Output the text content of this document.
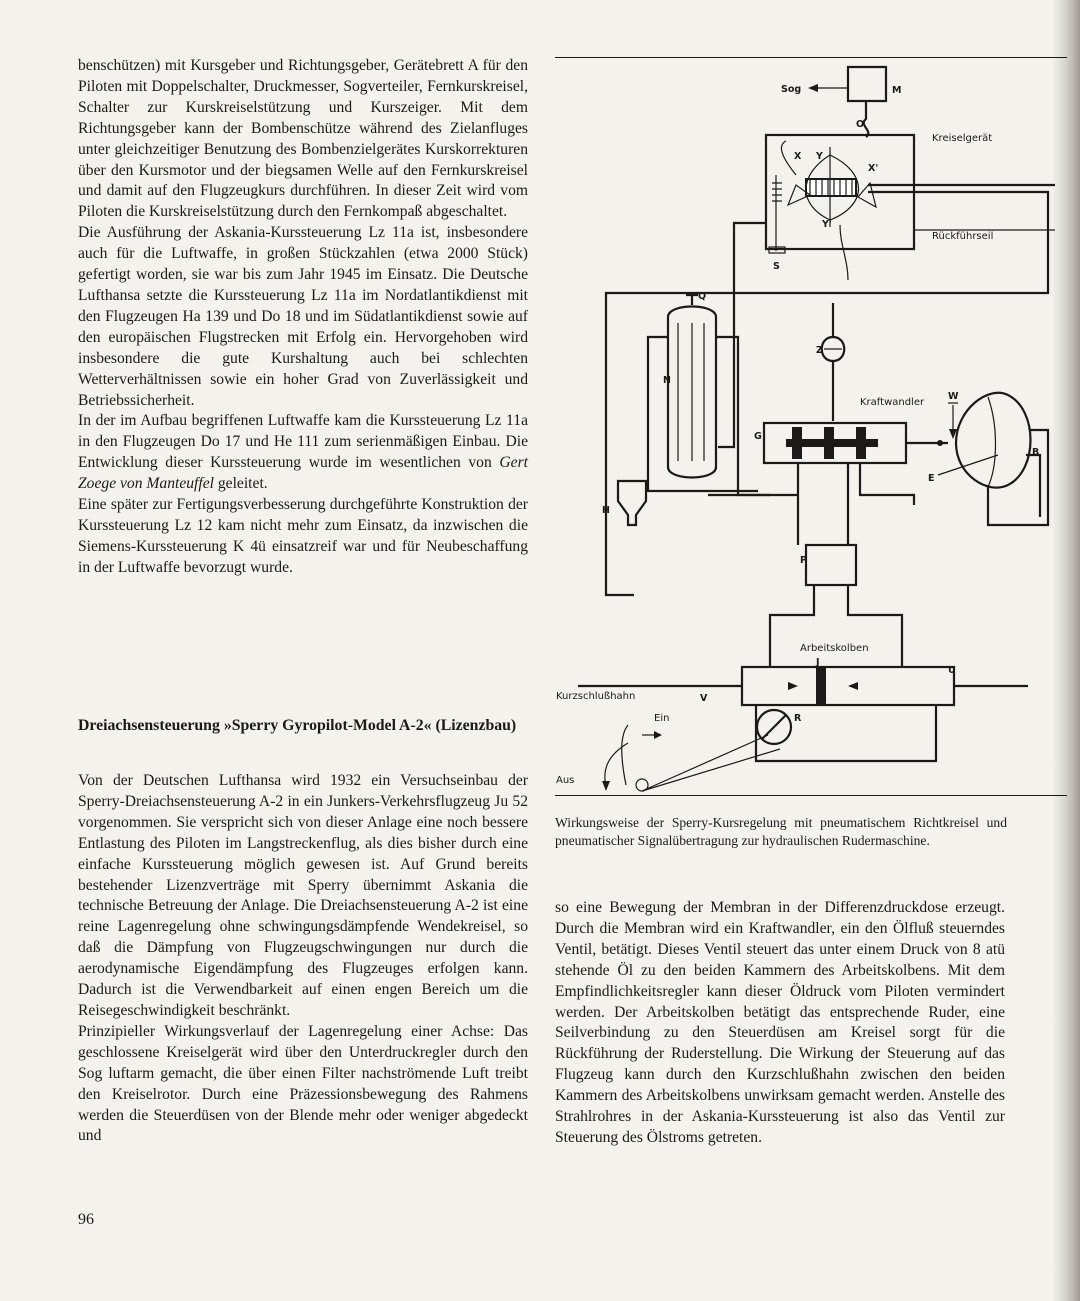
benschützen) mit Kursgeber und Richtungsgeber, Gerätebrett A für den Piloten mit Doppelschalter, Druckmesser, Sogverteiler, Fernkurskreisel, Schalter zur Kurskreiselstützung und Kurszeiger. Mit dem Richtungsgeber kann der Bombenschütze während des Zielanfluges unter gleichzeitiger Benutzung des Bombenzielgerätes Kurskorrekturen über den Kursmotor und der biegsamen Welle auf den Fernkurskreisel und damit auf den Flugzeugkurs durchführen. In dieser Zeit wird vom Piloten die Kurskreiselstützung durch den Fernkompaß abgeschaltet.

Die Ausführung der Askania-Kurssteuerung Lz 11a ist, insbesondere auch für die Luftwaffe, in großen Stückzahlen (etwa 2000 Stück) gefertigt worden, sie war bis zum Jahr 1945 im Einsatz. Die Deutsche Lufthansa setzte die Kurssteuerung Lz 11a im Nordatlantikdienst mit den Flugzeugen Ha 139 und Do 18 und im Südatlantikdienst sowie auf den europäischen Flugstrecken mit Erfolg ein. Hervorgehoben wird insbesondere die gute Kurshaltung auch bei schlechten Wetterverhältnissen sowie ein hoher Grad von Zuverlässigkeit und Betriebssicherheit.

In der im Aufbau begriffenen Luftwaffe kam die Kurssteuerung Lz 11a in den Flugzeugen Do 17 und He 111 zum serienmäßigen Einbau. Die Entwicklung dieser Kurssteuerung wurde im wesentlichen von Gert Zoege von Manteuffel geleitet.

Eine später zur Fertigungsverbesserung durchgeführte Konstruktion der Kurssteuerung Lz 12 kam nicht mehr zum Einsatz, da inzwischen die Siemens-Kurssteuerung K 4ü einsatzreif war und für Neubeschaffung in der Luftwaffe bevorzugt wurde.

Dreiachsensteuerung »Sperry Gyropilot-Model A-2« (Lizenzbau)

Von der Deutschen Lufthansa wird 1932 ein Versuchseinbau der Sperry-Dreiachsensteuerung A-2 in ein Junkers-Verkehrsflugzeug Ju 52 vorgenommen. Sie verspricht sich von dieser Anlage eine noch bessere Entlastung des Piloten im Langstreckenflug, als dies bisher durch eine einfache Kurssteuerung möglich gewesen ist. Auf Grund bereits bestehender Lizenzverträge mit Sperry übernimmt Askania die technische Betreuung der Anlage. Die Dreiachsensteuerung A-2 ist eine reine Lagenregelung ohne schwingungsdämpfende Wendekreisel, so daß die Dämpfung von Flugzeugschwingungen nur durch die aerodynamische Eigendämpfung des Flugzeuges erfolgen kann. Dadurch ist die Verwendbarkeit auf einen engen Bereich um die Reisegeschwindigkeit beschränkt.

Prinzipieller Wirkungsverlauf der Lagenregelung einer Achse: Das geschlossene Kreiselgerät wird über den Unterdruckregler durch den Sog luftarm gemacht, die über einen Filter nachströmende Luft treibt den Kreiselrotor. Durch eine Präzessionsbewegung des Rahmens werden die Steuerdüsen von der Blende mehr oder weniger abgedeckt und

96
Sog	M
O
Kreiselgerät
X Y
X'
Y'
Rückführseil
S
Q
Z
N
Kraftwandler
W
G
B
E
H
P
Arbeitskolben
J
U
Kurzschlußhahn	V
Ein	R
Aus

Wirkungsweise der Sperry-Kursregelung mit pneumatischem Richtkreisel und pneumatischer Signalübertragung zur hydraulischen Rudermaschine.

so eine Bewegung der Membran in der Differenzdruckdose erzeugt. Durch die Membran wird ein Kraftwandler, ein den Ölfluß steuerndes Ventil, betätigt. Dieses Ventil steuert das unter einem Druck von 8 atü stehende Öl zu den beiden Kammern des Arbeitskolbens. Mit dem Empfindlichkeitsregler kann dieser Öldruck vom Piloten vermindert werden. Der Arbeitskolben betätigt das entsprechende Ruder, eine Seilverbindung zu den Steuerdüsen am Kreisel sorgt für die Rückführung der Ruderstellung. Die Wirkung der Steuerung auf das Flugzeug kann durch den Kurzschlußhahn zwischen den beiden Kammern des Arbeitskolbens unwirksam gemacht werden. Anstelle des Strahlrohres in der Askania-Kurssteuerung ist also das Ventil zur Steuerung des Ölstroms getreten.
